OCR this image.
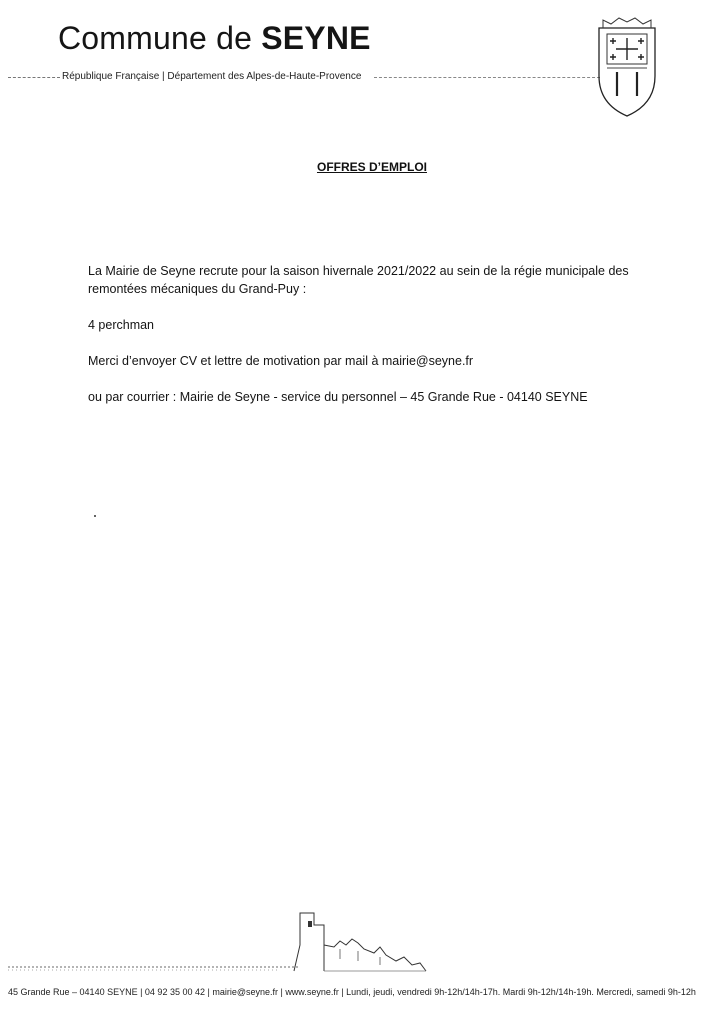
Commune de SEYNE
République Française | Département des Alpes-de-Haute-Provence
OFFRES D’EMPLOI
La Mairie de Seyne recrute pour la saison hivernale 2021/2022 au sein de la régie municipale des remontées mécaniques du Grand-Puy :
4 perchman
Merci d’envoyer CV et lettre de motivation par mail à mairie@seyne.fr
ou par courrier : Mairie de Seyne - service du personnel – 45 Grande Rue - 04140 SEYNE
45 Grande Rue – 04140 SEYNE | 04 92 35 00 42 | mairie@seyne.fr | www.seyne.fr | Lundi, jeudi, vendredi 9h-12h/14h-17h. Mardi 9h-12h/14h-19h. Mercredi, samedi 9h-12h
